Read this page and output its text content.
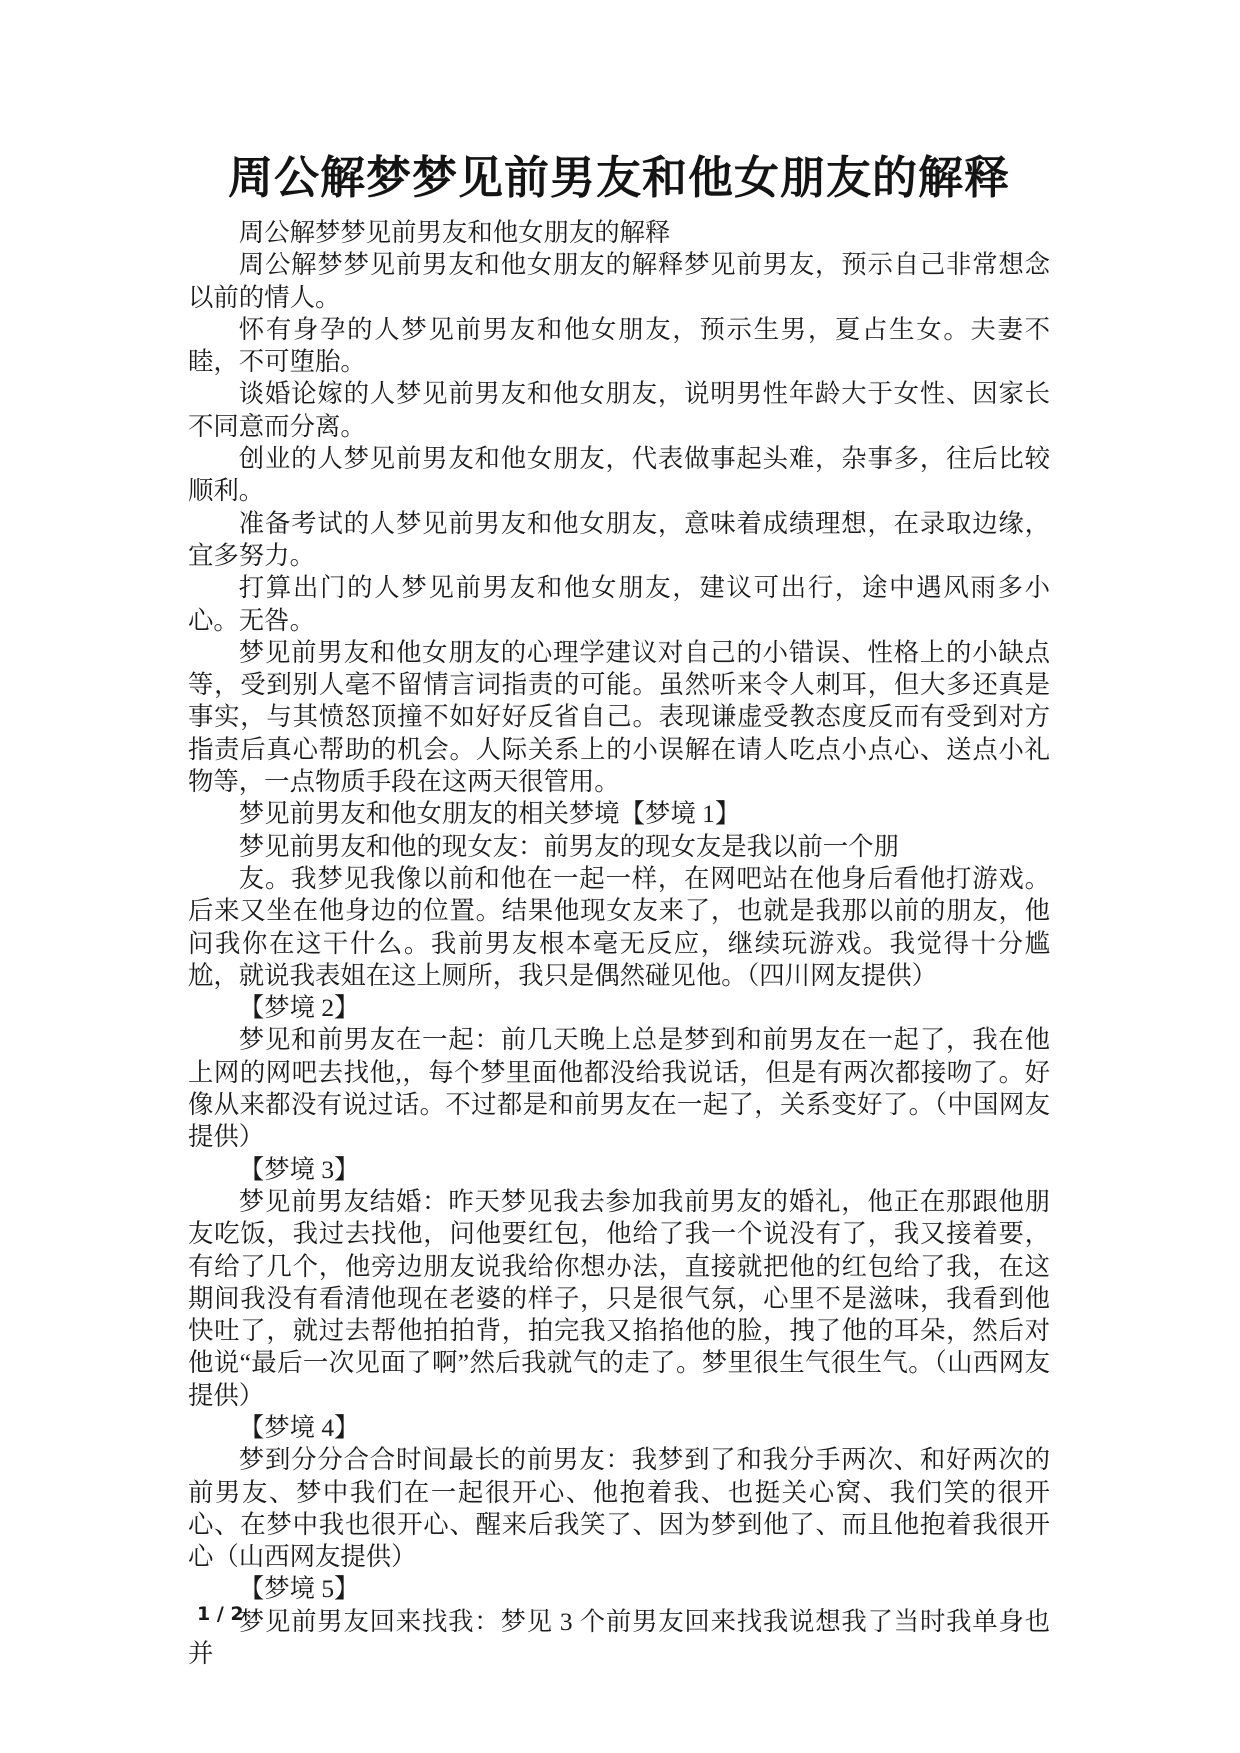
周公解梦梦见前男友和他女朋友的解释

周公解梦梦见前男友和他女朋友的解释

周公解梦梦见前男友和他女朋友的解释梦见前男友，预示自己非常想念以前的情人。

怀有身孕的人梦见前男友和他女朋友，预示生男，夏占生女。夫妻不睦，不可堕胎。

谈婚论嫁的人梦见前男友和他女朋友，说明男性年龄大于女性、因家长不同意而分离。

创业的人梦见前男友和他女朋友，代表做事起头难，杂事多，往后比较顺利。

准备考试的人梦见前男友和他女朋友，意味着成绩理想，在录取边缘，宜多努力。

打算出门的人梦见前男友和他女朋友，建议可出行，途中遇风雨多小心。无咎。

梦见前男友和他女朋友的心理学建议对自己的小错误、性格上的小缺点等，受到别人毫不留情言词指责的可能。虽然听来令人刺耳，但大多还真是事实，与其愤怒顶撞不如好好反省自己。表现谦虚受教态度反而有受到对方指责后真心帮助的机会。人际关系上的小误解在请人吃点小点心、送点小礼物等，一点物质手段在这两天很管用。

梦见前男友和他女朋友的相关梦境【梦境 1】

梦见前男友和他的现女友：前男友的现女友是我以前一个朋

友。我梦见我像以前和他在一起一样，在网吧站在他身后看他打游戏。后来又坐在他身边的位置。结果他现女友来了，也就是我那以前的朋友，他问我你在这干什么。我前男友根本毫无反应，继续玩游戏。我觉得十分尴尬，就说我表姐在这上厕所，我只是偶然碰见他。（四川网友提供）

【梦境 2】

梦见和前男友在一起：前几天晚上总是梦到和前男友在一起了，我在他上网的网吧去找他,，每个梦里面他都没给我说话，但是有两次都接吻了。好像从来都没有说过话。不过都是和前男友在一起了，关系变好了。（中国网友提供）

【梦境 3】

梦见前男友结婚：昨天梦见我去参加我前男友的婚礼，他正在那跟他朋友吃饭，我过去找他，问他要红包，他给了我一个说没有了，我又接着要，有给了几个，他旁边朋友说我给你想办法，直接就把他的红包给了我，在这期间我没有看清他现在老婆的样子，只是很气氛，心里不是滋味，我看到他快吐了，就过去帮他拍拍背，拍完我又掐掐他的脸，拽了他的耳朵，然后对他说“最后一次见面了啊”然后我就气的走了。梦里很生气很生气。（山西网友提供）

【梦境 4】

梦到分分合合时间最长的前男友：我梦到了和我分手两次、和好两次的前男友、梦中我们在一起很开心、他抱着我、也挺关心窝、我们笑的很开心、在梦中我也很开心、醒来后我笑了、因为梦到他了、而且他抱着我很开心（山西网友提供）

【梦境 5】

梦见前男友回来找我：梦见 3 个前男友回来找我说想我了当时我单身也并

1 / 2
